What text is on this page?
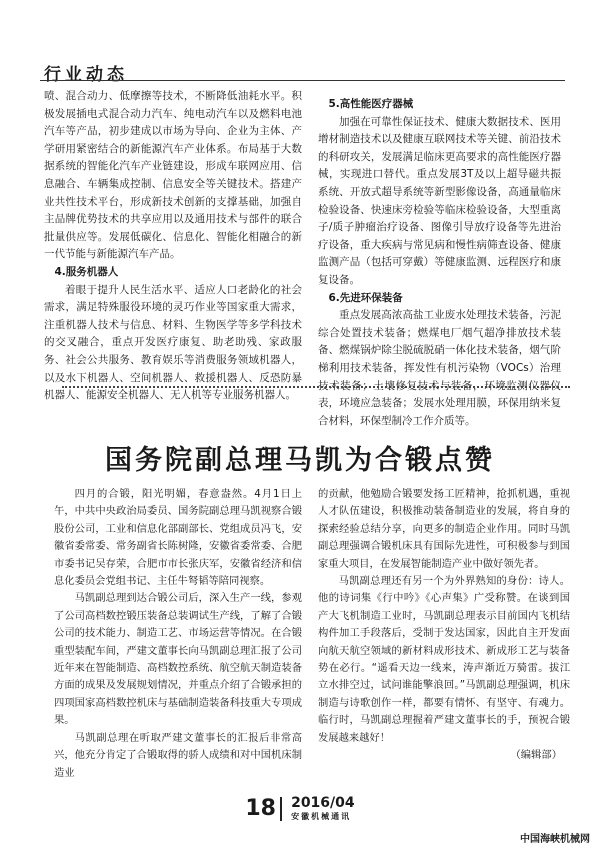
行业动态

喷、混合动力、低摩擦等技术，不断降低油耗水平。积极发展插电式混合动力汽车、纯电动汽车以及燃料电池汽车等产品，初步建成以市场为导向、企业为主体、产学研用紧密结合的新能源汽车产业体系。布局基于大数据系统的智能化汽车产业链建设，形成车联网应用、信息融合、车辆集成控制、信息安全等关键技术。搭建产业共性技术平台，形成新技术创新的支撑基础，加强自主品牌优势技术的共享应用以及通用技术与部件的联合批量供应等。发展低碳化、信息化、智能化相融合的新一代节能与新能源汽车产品。

4.服务机器人

着眼于提升人民生活水平、适应人口老龄化的社会需求，满足特殊服役环境的灵巧作业等国家重大需求，注重机器人技术与信息、材料、生物医学等多学科技术的交叉融合，重点开发医疗康复、助老助残、家政服务、社会公共服务、教育娱乐等消费服务领域机器人，以及水下机器人、空间机器人、救援机器人、反恐防暴机器人、能源安全机器人、无人机等专业服务机器人。

5.高性能医疗器械

加强在可靠性保证技术、健康大数据技术、医用增材制造技术以及健康互联网技术等关键、前沿技术的科研攻关，发展满足临床更高要求的高性能医疗器械，实现进口替代。重点发展3T及以上超导磁共振系统、开放式超导系统等新型影像设备，高通量临床检验设备、快速床旁检验等临床检验设备，大型重离子/质子肿瘤治疗设备、图像引导放疗设备等先进治疗设备，重大疾病与常见病和慢性病筛查设备、健康监测产品（包括可穿戴）等健康监测、远程医疗和康复设备。

6.先进环保装备

重点发展高浓高盐工业废水处理技术装备，污泥综合处置技术装备；燃煤电厂烟气超净排放技术装备、燃煤锅炉除尘脱硫脱硝一体化技术装备，烟气阶梯利用技术装备，挥发性有机污染物（VOCs）治理技术装备；土壤修复技术与装备，环境监测仪器仪表，环境应急装备；发展水处理用膜，环保用纳米复合材料，环保型制冷工作介质等。

国务院副总理马凯为合锻点赞

四月的合锻，阳光明媚，春意盎然。4月1日上午，中共中央政治局委员、国务院副总理马凯视察合锻股份公司，工业和信息化部副部长、党组成员冯飞，安徽省委常委、常务副省长陈树隆，安徽省委常委、合肥市委书记吴存荣，合肥市市长张庆军，安徽省经济和信息化委员会党组书记、主任牛弩韬等陪同视察。

马凯副总理到达合锻公司后，深入生产一线，参观了公司高档数控锻压装备总装调试生产线，了解了合锻公司的技术能力、制造工艺、市场运营等情况。在合锻重型装配车间，严建文董事长向马凯副总理汇报了公司近年来在智能制造、高档数控系统、航空航天制造装备方面的成果及发展规划情况，并重点介绍了合锻承担的四项国家高档数控机床与基础制造装备科技重大专项成果。

马凯副总理在听取严建文董事长的汇报后非常高兴，他充分肯定了合锻取得的骄人成绩和对中国机床制造业

的贡献，他勉励合锻要发扬工匠精神，抢抓机遇，重视人才队伍建设，积极推动装备制造业的发展，将自身的探索经验总结分享，向更多的制造企业作用。同时马凯副总理强调合锻机床具有国际先进性，可积极参与到国家重大项目，在发展智能制造产业中做好领先者。

马凯副总理还有另一个为外界熟知的身份：诗人。他的诗词集《行中吟》《心声集》广受称赞。在谈到国产大飞机制造工业时，马凯副总理表示目前国内飞机结构件加工手段落后，受制于发达国家，因此自主开发面向航天航空领域的新材料成形技术、新成形工艺与装备势在必行。“遥看天边一线来，涛声渐近万骑雷。拔江立水排空过，试问谁能擎浪回。”马凯副总理强调，机床制造与诗歌创作一样，都要有情怀、有坚守、有魂力。临行时，马凯副总理握着严建文董事长的手，预祝合锻发展越来越好！

（编辑部）

18 2016/04
安徽机械通讯
中国海峡机械网
